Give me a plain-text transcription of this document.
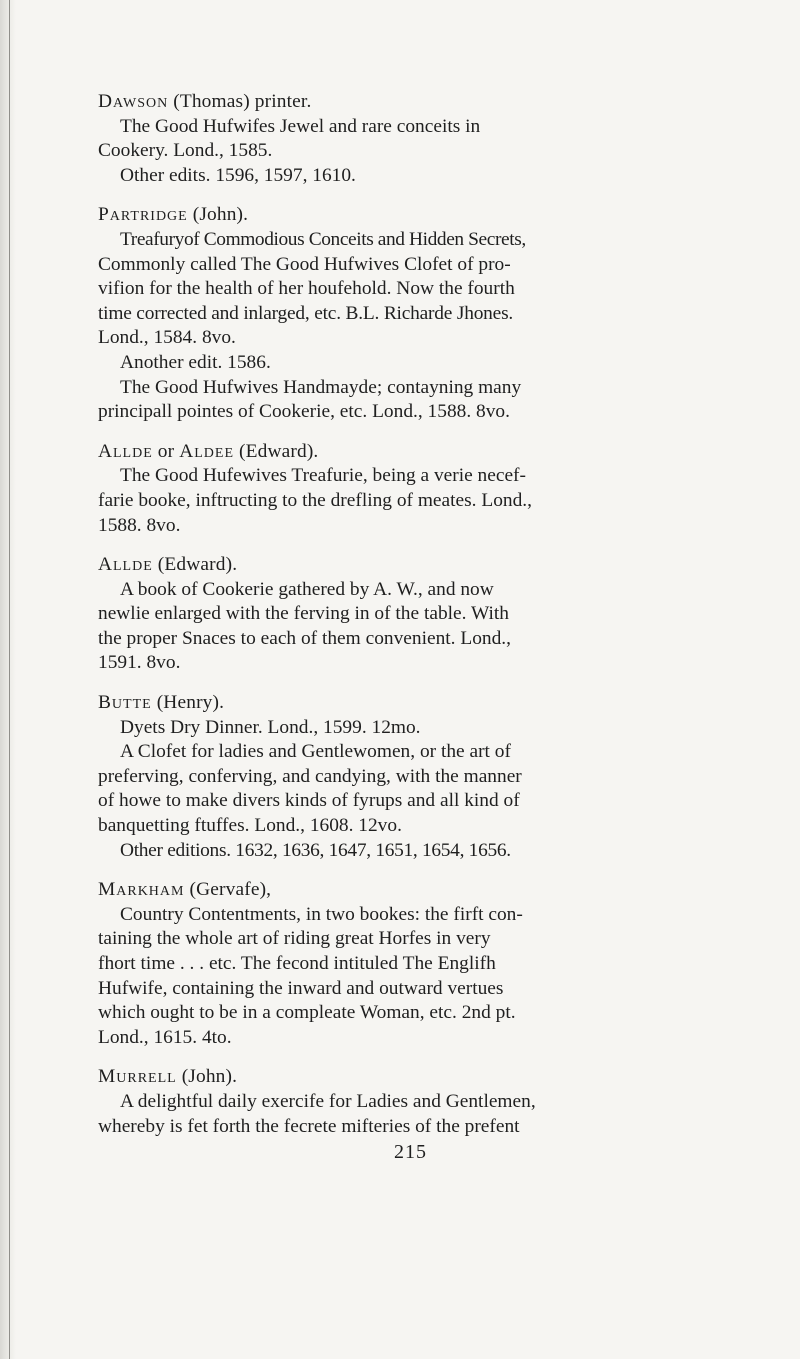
Dawson (Thomas) printer.
The Good Hufwifes Jewel and rare conceits in
Cookery. Lond., 1585.
Other edits. 1596, 1597, 1610.
Partridge (John).
Treafuryof Commodious Conceits and Hidden Secrets,
Commonly called The Good Hufwives Clofet of pro-
vifion for the health of her houfehold. Now the fourth
time corrected and inlarged, etc. B.L. Richarde Jhones.
Lond., 1584. 8vo.
Another edit. 1586.
The Good Hufwives Handmayde; contayning many
principall pointes of Cookerie, etc. Lond., 1588. 8vo.
Allde or Aldee (Edward).
The Good Hufewives Treafurie, being a verie necef-
farie booke, inftructing to the drefling of meates. Lond.,
1588. 8vo.
Allde (Edward).
A book of Cookerie gathered by A. W., and now
newlie enlarged with the ferving in of the table. With
the proper Snaces to each of them convenient. Lond.,
1591. 8vo.
Butte (Henry).
Dyets Dry Dinner. Lond., 1599. 12mo.
A Clofet for ladies and Gentlewomen, or the art of
preferving, conferving, and candying, with the manner
of howe to make divers kinds of fyrups and all kind of
banquetting ftuffes. Lond., 1608. 12vo.
Other editions. 1632, 1636, 1647, 1651, 1654, 1656.
Markham (Gervafe),
Country Contentments, in two bookes: the firft con-
taining the whole art of riding great Horfes in very
fhort time . . . etc. The fecond intituled The Englifh
Hufwife, containing the inward and outward vertues
which ought to be in a compleate Woman, etc. 2nd pt.
Lond., 1615. 4to.
Murrell (John).
A delightful daily exercife for Ladies and Gentlemen,
whereby is fet forth the fecrete mifteries of the prefent
215
